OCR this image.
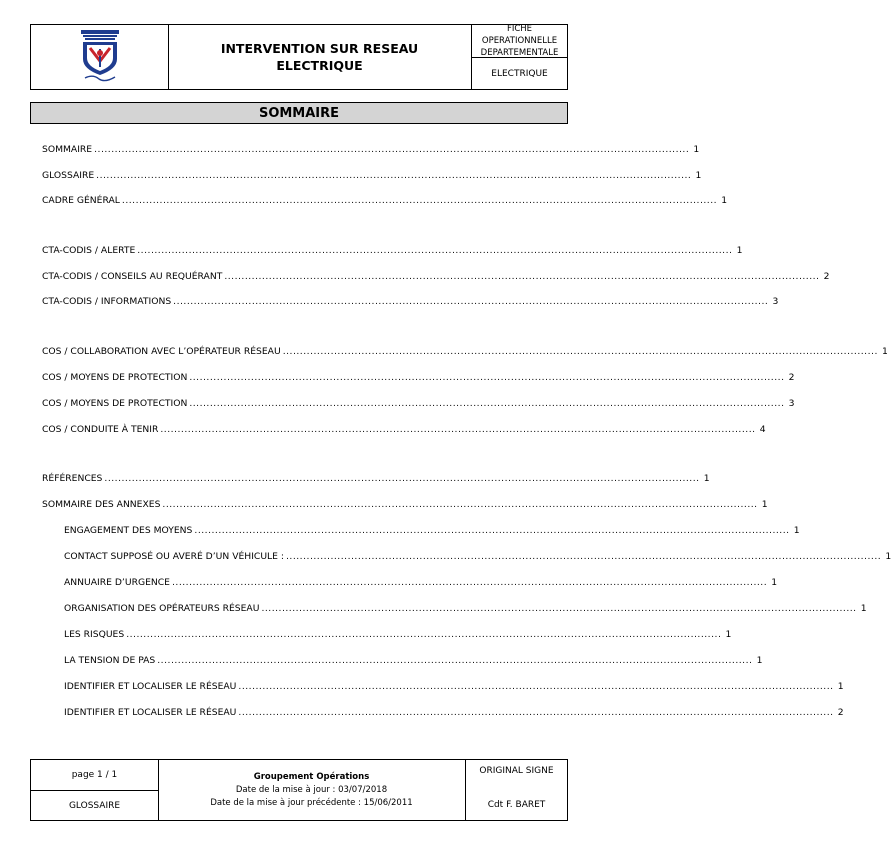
INTERVENTION SUR RESEAU
ELECTRIQUE
FICHE OPERATIONNELLE
DEPARTEMENTALE
ELECTRIQUE
SOMMAIRE
SOMMAIRE .............................................................................................................................................................................. 1
GLOSSAIRE .............................................................................................................................................................................. 1
CADRE GÉNÉRAL .............................................................................................................................................................................. 1
CTA-CODIS / ALERTE .............................................................................................................................................................................. 1
CTA-CODIS / CONSEILS AU REQUÉRANT .............................................................................................................................................................................. 2
CTA-CODIS / INFORMATIONS .............................................................................................................................................................................. 3
COS / COLLABORATION AVEC L’OPÉRATEUR RÉSEAU .............................................................................................................................................................................. 1
COS / MOYENS DE PROTECTION .............................................................................................................................................................................. 2
COS / MOYENS DE PROTECTION .............................................................................................................................................................................. 3
COS / CONDUITE À TENIR .............................................................................................................................................................................. 4
RÉFÉRENCES .............................................................................................................................................................................. 1
SOMMAIRE DES ANNEXES .............................................................................................................................................................................. 1
ENGAGEMENT DES MOYENS .............................................................................................................................................................................. 1
CONTACT SUPPOSÉ OU AVERÉ D’UN VÉHICULE : .............................................................................................................................................................................. 1
ANNUAIRE D’URGENCE .............................................................................................................................................................................. 1
ORGANISATION DES OPÉRATEURS RÉSEAU .............................................................................................................................................................................. 1
LES RISQUES .............................................................................................................................................................................. 1
LA TENSION DE PAS .............................................................................................................................................................................. 1
IDENTIFIER ET LOCALISER LE RÉSEAU .............................................................................................................................................................................. 1
IDENTIFIER ET LOCALISER LE RÉSEAU .............................................................................................................................................................................. 2
page 1 / 1
GLOSSAIRE
Groupement Opérations
Date de la mise à jour : 03/07/2018
Date de la mise à jour précédente : 15/06/2011
ORIGINAL SIGNE
Cdt F. BARET
